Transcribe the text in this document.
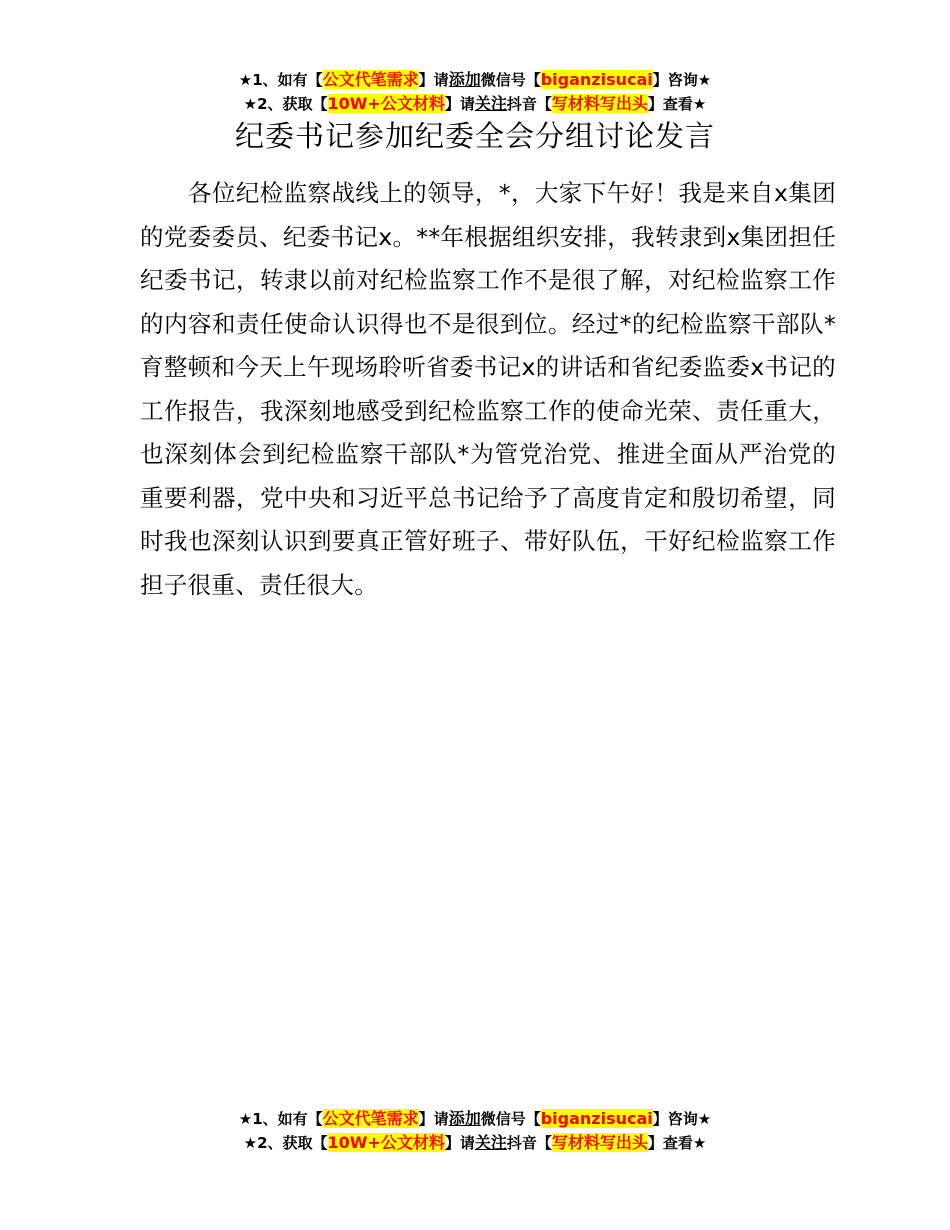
★1、如有【公文代笔需求】请添加微信号【biganzisucai】咨询★
★2、获取【10W+公文材料】请关注抖音【写材料写出头】查看★
纪委书记参加纪委全会分组讨论发言

各位纪检监察战线上的领导，*，大家下午好！我是来自x集团的党委委员、纪委书记x。**年根据组织安排，我转隶到x集团担任纪委书记，转隶以前对纪检监察工作不是很了解，对纪检监察工作的内容和责任使命认识得也不是很到位。经过*的纪检监察干部队*育整顿和今天上午现场聆听省委书记x的讲话和省纪委监委x书记的工作报告，我深刻地感受到纪检监察工作的使命光荣、责任重大，也深刻体会到纪检监察干部队*为管党治党、推进全面从严治党的重要利器，党中央和习近平总书记给予了高度肯定和殷切希望，同时我也深刻认识到要真正管好班子、带好队伍，干好纪检监察工作担子很重、责任很大。

★1、如有【公文代笔需求】请添加微信号【biganzisucai】咨询★
★2、获取【10W+公文材料】请关注抖音【写材料写出头】查看★
